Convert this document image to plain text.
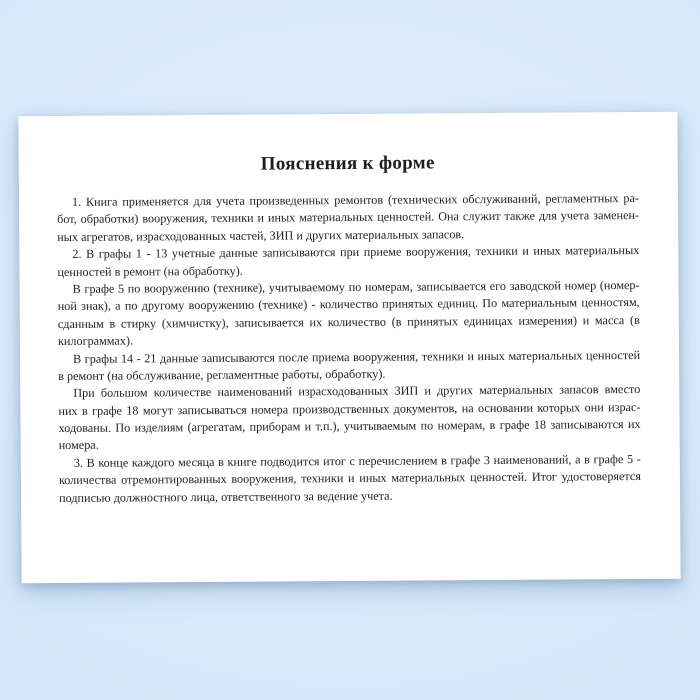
Пояснения к форме

1. Книга применяется для учета произведенных ремонтов (технических обслуживаний, регламентных ра-
бот, обработки) вооружения, техники и иных материальных ценностей. Она служит также для учета заменен-
ных агрегатов, израсходованных частей, ЗИП и других материальных запасов.

2. В графы 1 - 13 учетные данные записываются при приеме вооружения, техники и иных материальных
ценностей в ремонт (на обработку).

В графе 5 по вооружению (технике), учитываемому по номерам, записывается его заводской номер (номер-
ной знак), а по другому вооружению (технике) - количество принятых единиц. По материальным ценностям,
сданным в стирку (химчистку), записывается их количество (в принятых единицах измерения) и масса (в
килограммах).

В графы 14 - 21 данные записываются после приема вооружения, техники и иных материальных ценностей
в ремонт (на обслуживание, регламентные работы, обработку).

При большом количестве наименований израсходованных ЗИП и других материальных запасов вместо
них в графе 18 могут записываться номера производственных документов, на основании которых они израс-
ходованы. По изделиям (агрегатам, приборам и т.п.), учитываемым по номерам, в графе 18 записываются их
номера.

3. В конце каждого месяца в книге подводится итог с перечислением в графе 3 наименований, а в графе 5 -
количества отремонтированных вооружения, техники и иных материальных ценностей. Итог удостоверяется
подписью должностного лица, ответственного за ведение учета.
